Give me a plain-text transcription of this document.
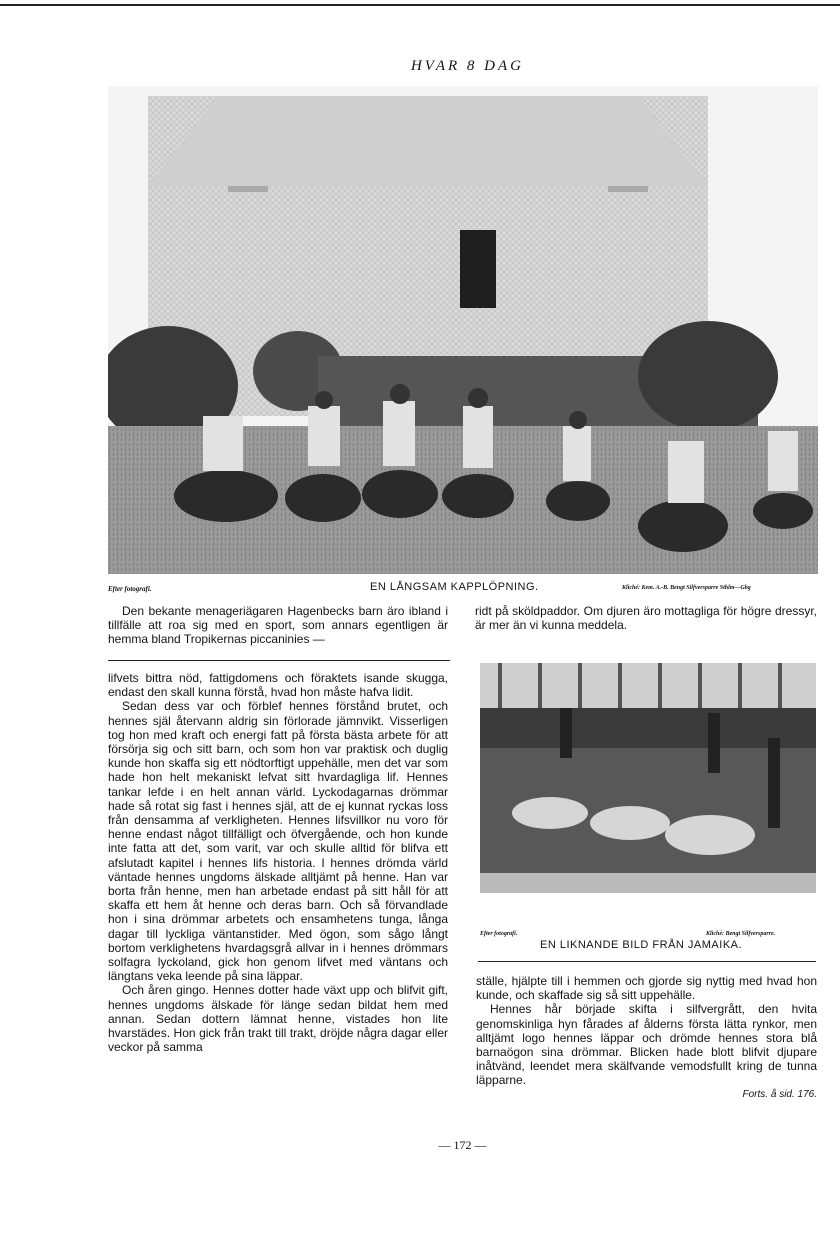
HVAR 8 DAG
Efter fotografi.	EN LÅNGSAM KAPPLÖPNING.	Kliché: Kem. A.-B. Bengt Silfversparre Sthlm—Gbg

Den bekante menageriägaren Hagenbecks barn äro ibland i tillfälle att roa sig med en sport, som annars egentligen är hemma bland Tropikernas piccaninies —

ridt på sköldpaddor. Om djuren äro mottagliga för högre dressyr, är mer än vi kunna meddela.

lifvets bittra nöd, fattigdomens och föraktets isande skugga, endast den skall kunna förstå, hvad hon måste hafva lidit.

Sedan dess var och förblef hennes förstånd brutet, och hennes själ återvann aldrig sin förlorade jämnvikt. Visserligen tog hon med kraft och energi fatt på första bästa arbete för att försörja sig och sitt barn, och som hon var praktisk och duglig kunde hon skaffa sig ett nödtorftigt uppehälle, men det var som hade hon helt mekaniskt lefvat sitt hvardagliga lif. Hennes tankar lefde i en helt annan värld. Lyckodagarnas drömmar hade så rotat sig fast i hennes själ, att de ej kunnat ryckas loss från densamma af verkligheten. Hennes lifsvillkor nu voro för henne endast något tillfälligt och öfvergående, och hon kunde inte fatta att det, som varit, var och skulle alltid för blifva ett afslutadt kapitel i hennes lifs historia. I hennes drömda värld väntade hennes ungdoms älskade alltjämt på henne. Han var borta från henne, men han arbetade endast på sitt håll för att skaffa ett hem åt henne och deras barn. Och så förvandlade hon i sina drömmar arbetets och ensamhetens tunga, långa dagar till lyckliga väntanstider. Med ögon, som sågo långt bortom verklighetens hvardagsgrå allvar in i hennes drömmars solfagra lyckoland, gick hon genom lifvet med väntans och längtans veka leende på sina läppar.

Och åren gingo. Hennes dotter hade växt upp och blifvit gift, hennes ungdoms älskade för länge sedan bildat hem med annan. Sedan dottern lämnat henne, vistades hon lite hvarstädes. Hon gick från trakt till trakt, dröjde några dagar eller veckor på samma

Efter fotografi.	Kliché: Bengt Silfversparre.
EN LIKNANDE BILD FRÅN JAMAIKA.

ställe, hjälpte till i hemmen och gjorde sig nyttig med hvad hon kunde, och skaffade sig så sitt uppehälle.

Hennes hår började skifta i silfvergrått, den hvita genomskinliga hyn fårades af ålderns första lätta rynkor, men alltjämt logo hennes läppar och drömde hennes stora blå barnaögon sina drömmar. Blicken hade blott blifvit djupare inåtvänd, leendet mera skälfvande vemodsfullt kring de tunna läpparne.

Forts. å sid. 176.
— 172 —
